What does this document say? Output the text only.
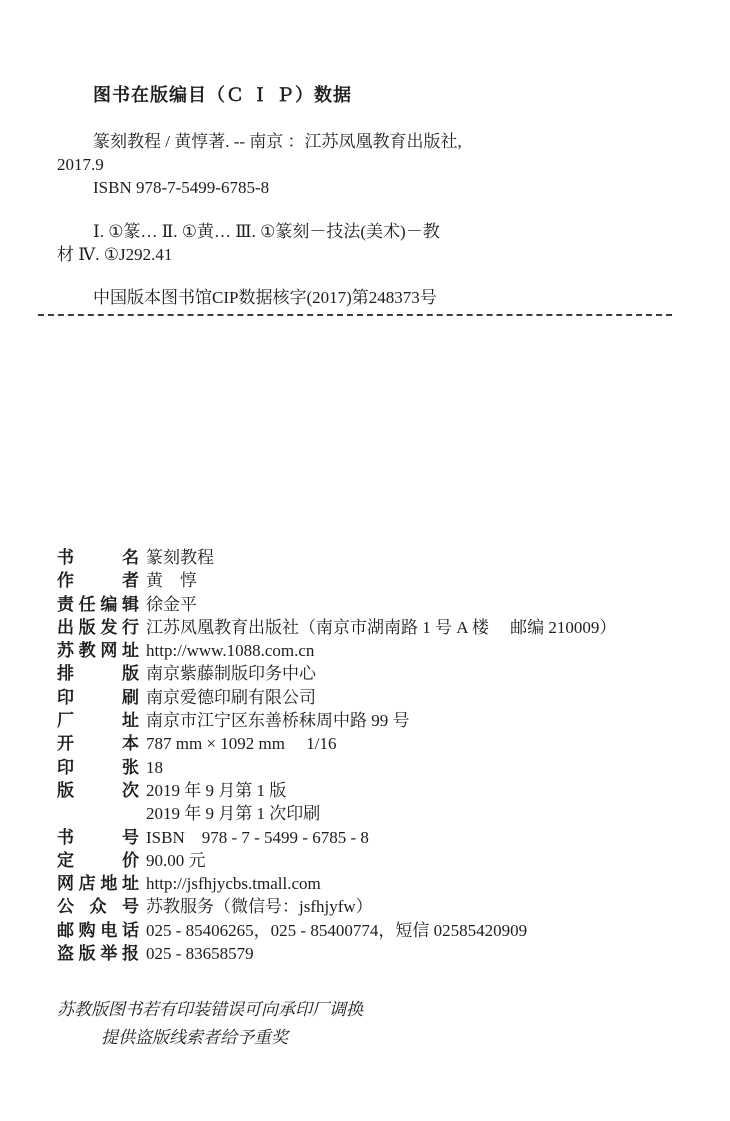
图书在版编目（Ｃ Ｉ Ｐ）数据
篆刻教程 / 黄惇著. -- 南京 ：江苏凤凰教育出版社,
2017.9
ISBN 978-7-5499-6785-8
Ⅰ. ①篆… Ⅱ. ①黄… Ⅲ. ①篆刻－技法(美术)－教
材 Ⅳ. ①J292.41
中国版本图书馆CIP数据核字(2017)第248373号
书名 篆刻教程
作者 黄　惇
责任编辑 徐金平
出版发行 江苏凤凰教育出版社（南京市湖南路 1 号 A 楼　 邮编 210009）
苏教网址 http://www.1088.com.cn
排版 南京紫藤制版印务中心
印刷 南京爱德印刷有限公司
厂址 南京市江宁区东善桥秣周中路 99 号
开本 787 mm × 1092 mm　 1/16
印张 18
版次 2019 年 9 月第 1 版
2019 年 9 月第 1 次印刷
书号 ISBN　978 - 7 - 5499 - 6785 - 8
定价 90.00 元
网店地址 http://jsfhjycbs.tmall.com
公众号 苏教服务（微信号：jsfhjyfw）
邮购电话 025 - 85406265，025 - 85400774，短信 02585420909
盗版举报 025 - 83658579
苏教版图书若有印装错误可向承印厂调换
提供盗版线索者给予重奖
